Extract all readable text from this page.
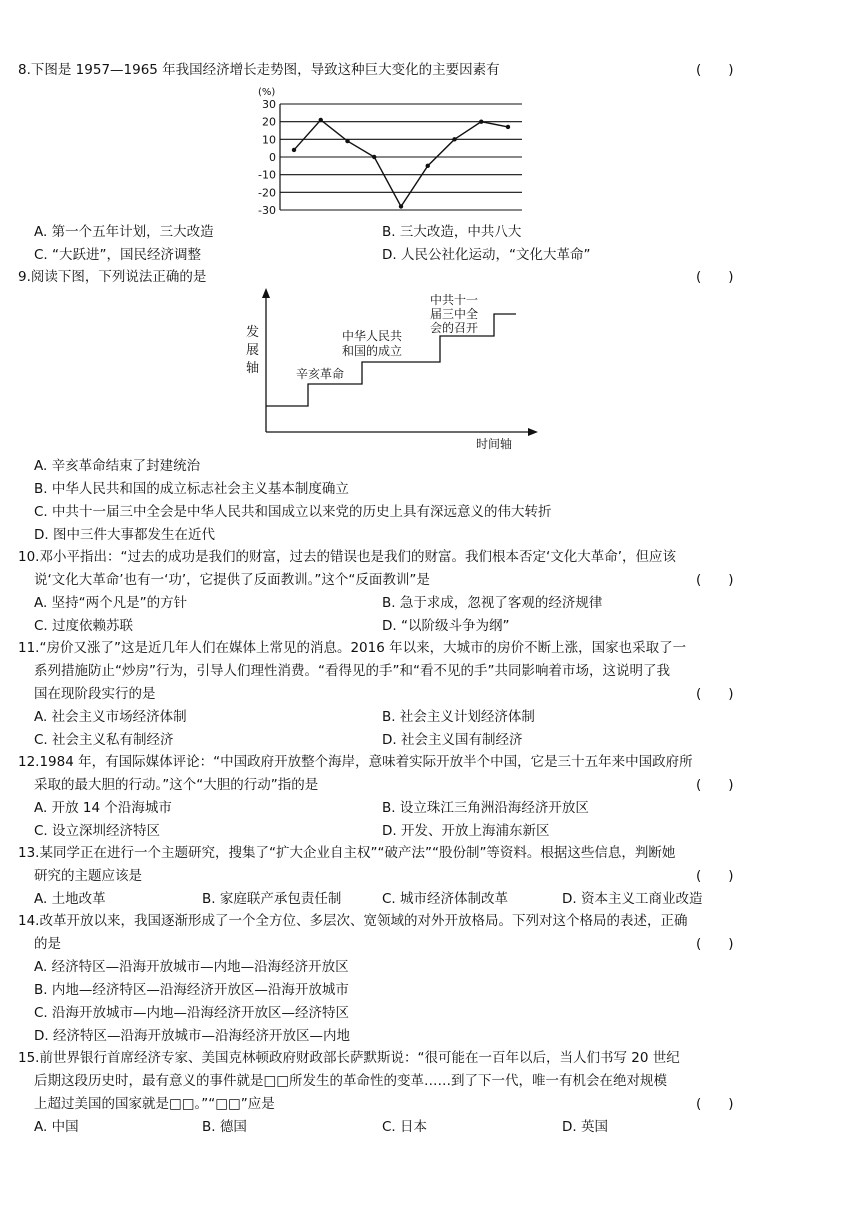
8.下图是 1957—1965 年我国经济增长走势图，导致这种巨大变化的主要因素有	(　　)
(%)
30
20
10
0
-10
-20
-30
A. 第一个五年计划，三大改造	B. 三大改造，中共八大
C. “大跃进”，国民经济调整	D. 人民公社化运动，“文化大革命”
9.阅读下图，下列说法正确的是	(　　)
发
展
轴	辛亥革命
中华人民共
和国的成立
中共十一
届三中全
会的召开
时间轴
A. 辛亥革命结束了封建统治
B. 中华人民共和国的成立标志社会主义基本制度确立
C. 中共十一届三中全会是中华人民共和国成立以来党的历史上具有深远意义的伟大转折
D. 图中三件大事都发生在近代
10.邓小平指出：“过去的成功是我们的财富，过去的错误也是我们的财富。我们根本否定‘文化大革命’，但应该
说‘文化大革命’也有一‘功’，它提供了反面教训。”这个“反面教训”是	(　　)
A. 坚持“两个凡是”的方针	B. 急于求成，忽视了客观的经济规律
C. 过度依赖苏联	D. “以阶级斗争为纲”
11.“房价又涨了”这是近几年人们在媒体上常见的消息。2016 年以来，大城市的房价不断上涨，国家也采取了一
系列措施防止“炒房”行为，引导人们理性消费。“看得见的手”和“看不见的手”共同影响着市场，这说明了我
国在现阶段实行的是	(　　)
A. 社会主义市场经济体制	B. 社会主义计划经济体制
C. 社会主义私有制经济	D. 社会主义国有制经济
12.1984 年，有国际媒体评论：“中国政府开放整个海岸，意味着实际开放半个中国，它是三十五年来中国政府所
采取的最大胆的行动。”这个“大胆的行动”指的是	(　　)
A. 开放 14 个沿海城市	B. 设立珠江三角洲沿海经济开放区
C. 设立深圳经济特区	D. 开发、开放上海浦东新区
13.某同学正在进行一个主题研究，搜集了“扩大企业自主权”“破产法”“股份制”等资料。根据这些信息，判断她
研究的主题应该是	(　　)
A. 土地改革	B. 家庭联产承包责任制	C. 城市经济体制改革	D. 资本主义工商业改造
14.改革开放以来，我国逐渐形成了一个全方位、多层次、宽领域的对外开放格局。下列对这个格局的表述，正确
的是	(　　)
A. 经济特区—沿海开放城市—内地—沿海经济开放区
B. 内地—经济特区—沿海经济开放区—沿海开放城市
C. 沿海开放城市—内地—沿海经济开放区—经济特区
D. 经济特区—沿海开放城市—沿海经济开放区—内地
15.前世界银行首席经济专家、美国克林顿政府财政部长萨默斯说：“很可能在一百年以后，当人们书写 20 世纪
后期这段历史时，最有意义的事件就是□□所发生的革命性的变革……到了下一代，唯一有机会在绝对规模
上超过美国的国家就是□□。”“□□”应是	(　　)
A. 中国	B. 德国	C. 日本	D. 英国
